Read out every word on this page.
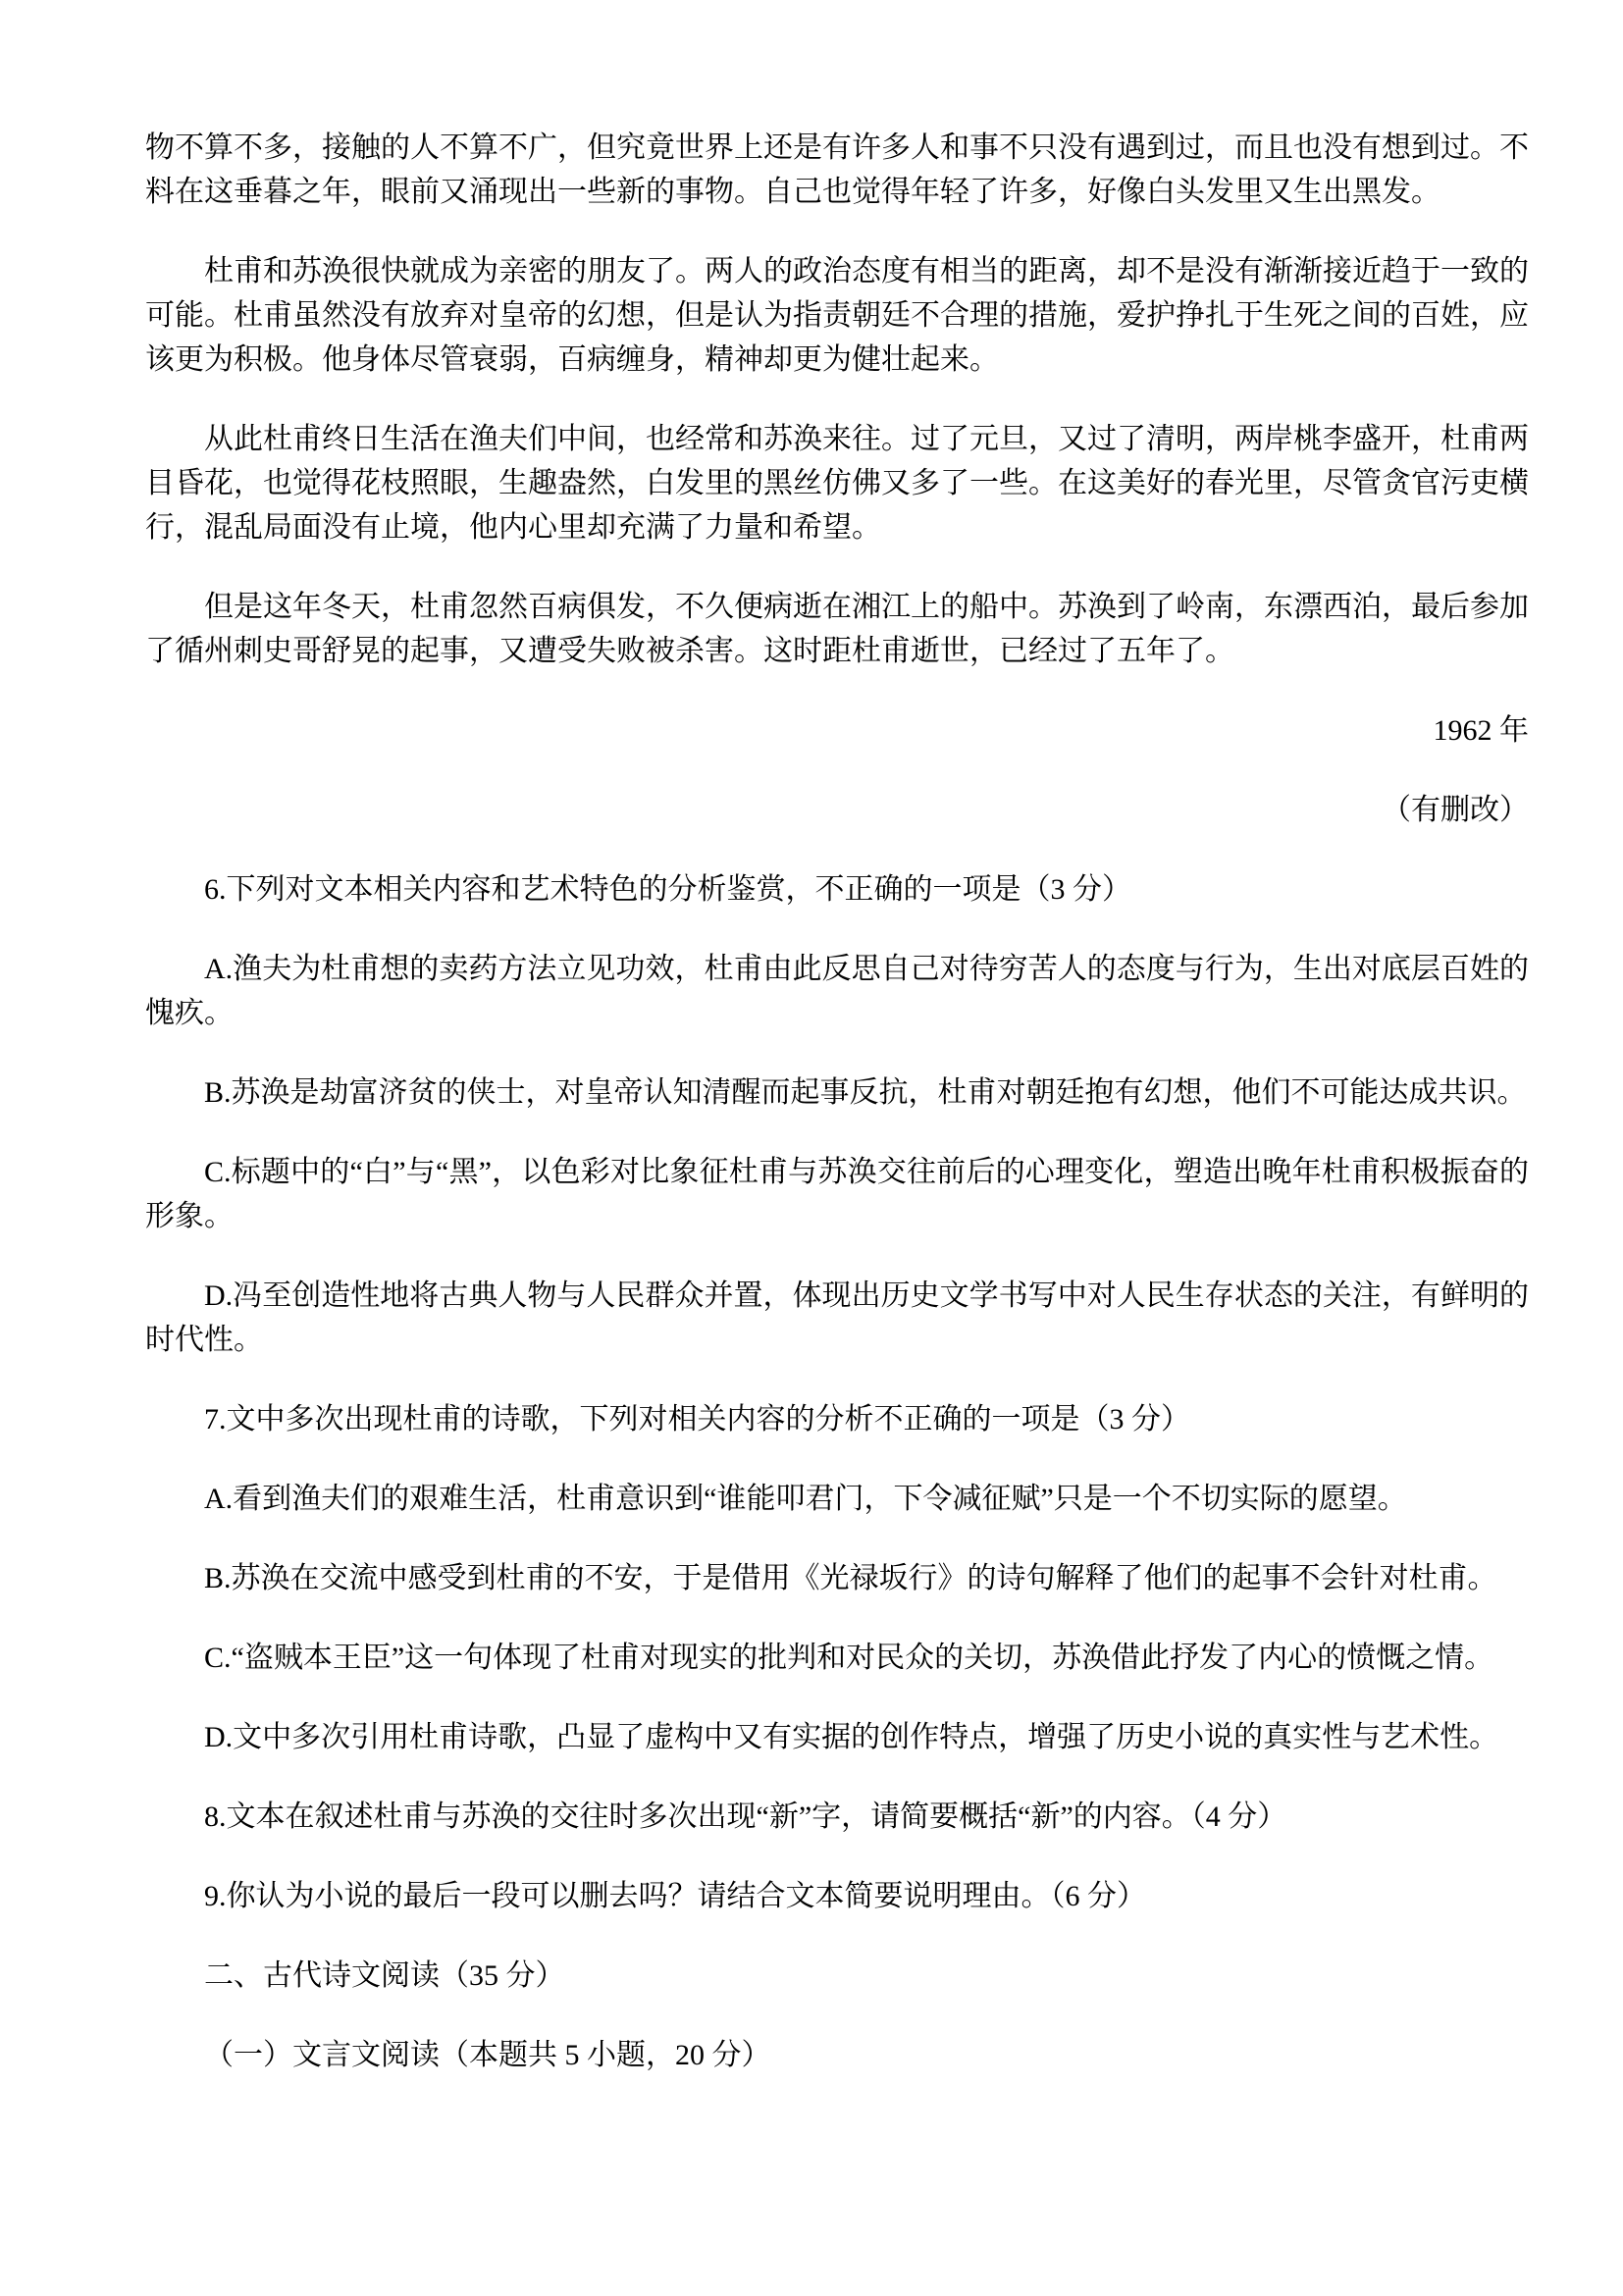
物不算不多，接触的人不算不广，但究竟世界上还是有许多人和事不只没有遇到过，而且也没有想到过。不料在这垂暮之年，眼前又涌现出一些新的事物。自己也觉得年轻了许多，好像白头发里又生出黑发。

杜甫和苏涣很快就成为亲密的朋友了。两人的政治态度有相当的距离，却不是没有渐渐接近趋于一致的可能。杜甫虽然没有放弃对皇帝的幻想，但是认为指责朝廷不合理的措施，爱护挣扎于生死之间的百姓，应该更为积极。他身体尽管衰弱，百病缠身，精神却更为健壮起来。

从此杜甫终日生活在渔夫们中间，也经常和苏涣来往。过了元旦，又过了清明，两岸桃李盛开，杜甫两目昏花，也觉得花枝照眼，生趣盎然，白发里的黑丝仿佛又多了一些。在这美好的春光里，尽管贪官污吏横行，混乱局面没有止境，他内心里却充满了力量和希望。

但是这年冬天，杜甫忽然百病俱发，不久便病逝在湘江上的船中。苏涣到了岭南，东漂西泊，最后参加了循州刺史哥舒晃的起事，又遭受失败被杀害。这时距杜甫逝世，已经过了五年了。

1962 年

（有删改）

6.下列对文本相关内容和艺术特色的分析鉴赏，不正确的一项是（3 分）

A.渔夫为杜甫想的卖药方法立见功效，杜甫由此反思自己对待穷苦人的态度与行为，生出对底层百姓的愧疚。

B.苏涣是劫富济贫的侠士，对皇帝认知清醒而起事反抗，杜甫对朝廷抱有幻想，他们不可能达成共识。

C.标题中的“白”与“黑”，以色彩对比象征杜甫与苏涣交往前后的心理变化，塑造出晚年杜甫积极振奋的形象。

D.冯至创造性地将古典人物与人民群众并置，体现出历史文学书写中对人民生存状态的关注，有鲜明的时代性。

7.文中多次出现杜甫的诗歌，下列对相关内容的分析不正确的一项是（3 分）

A.看到渔夫们的艰难生活，杜甫意识到“谁能叩君门，下令减征赋”只是一个不切实际的愿望。

B.苏涣在交流中感受到杜甫的不安，于是借用《光禄坂行》的诗句解释了他们的起事不会针对杜甫。

C.“盗贼本王臣”这一句体现了杜甫对现实的批判和对民众的关切，苏涣借此抒发了内心的愤慨之情。

D.文中多次引用杜甫诗歌，凸显了虚构中又有实据的创作特点，增强了历史小说的真实性与艺术性。

8.文本在叙述杜甫与苏涣的交往时多次出现“新”字，请简要概括“新”的内容。（4 分）

9.你认为小说的最后一段可以删去吗？请结合文本简要说明理由。（6 分）

二、古代诗文阅读（35 分）

（一）文言文阅读（本题共 5 小题，20 分）
